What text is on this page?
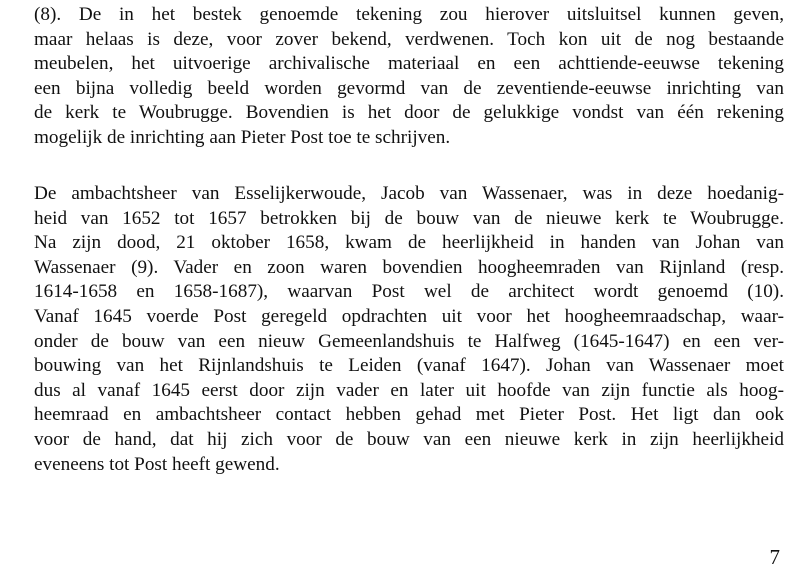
(8). De in het bestek genoemde tekening zou hierover uitsluitsel kunnen geven,
maar helaas is deze, voor zover bekend, verdwenen. Toch kon uit de nog bestaande
meubelen, het uitvoerige archivalische materiaal en een achttiende-eeuwse tekening
een bijna volledig beeld worden gevormd van de zeventiende-eeuwse inrichting van
de kerk te Woubrugge. Bovendien is het door de gelukkige vondst van één rekening
mogelijk de inrichting aan Pieter Post toe te schrijven.

De ambachtsheer van Esselijkerwoude, Jacob van Wassenaer, was in deze hoedanig-
heid van 1652 tot 1657 betrokken bij de bouw van de nieuwe kerk te Woubrugge.
Na zijn dood, 21 oktober 1658, kwam de heerlijkheid in handen van Johan van
Wassenaer (9). Vader en zoon waren bovendien hoogheemraden van Rijnland (resp.
1614-1658 en 1658-1687), waarvan Post wel de architect wordt genoemd (10).
Vanaf 1645 voerde Post geregeld opdrachten uit voor het hoogheemraadschap, waar-
onder de bouw van een nieuw Gemeenlandshuis te Halfweg (1645-1647) en een ver-
bouwing van het Rijnlandshuis te Leiden (vanaf 1647). Johan van Wassenaer moet
dus al vanaf 1645 eerst door zijn vader en later uit hoofde van zijn functie als hoog-
heemraad en ambachtsheer contact hebben gehad met Pieter Post. Het ligt dan ook
voor de hand, dat hij zich voor de bouw van een nieuwe kerk in zijn heerlijkheid
eveneens tot Post heeft gewend.

7
